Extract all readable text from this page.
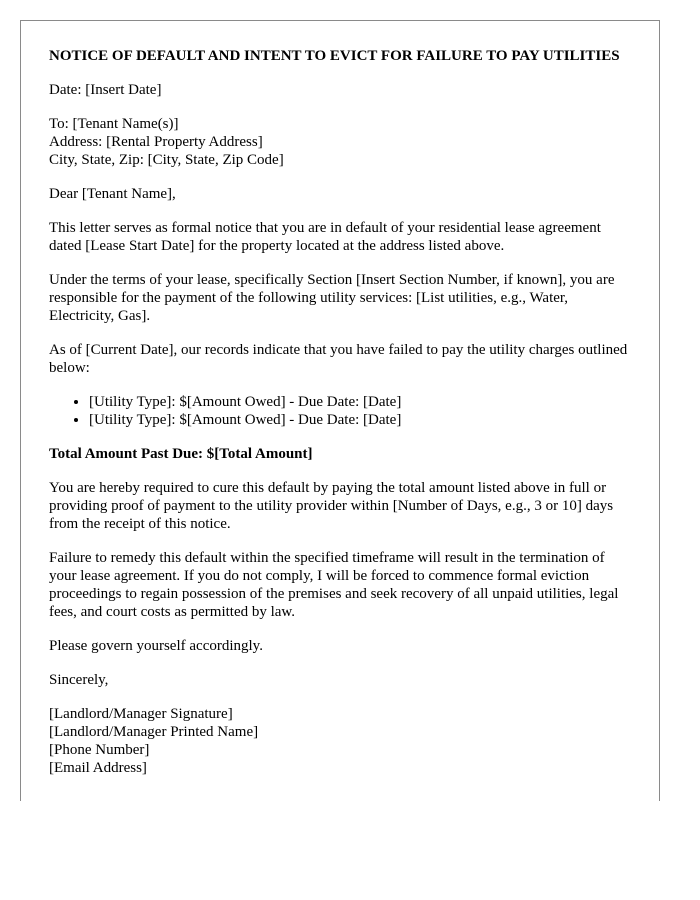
NOTICE OF DEFAULT AND INTENT TO EVICT FOR FAILURE TO PAY UTILITIES

Date: [Insert Date]

To: [Tenant Name(s)]
Address: [Rental Property Address]
City, State, Zip: [City, State, Zip Code]

Dear [Tenant Name],

This letter serves as formal notice that you are in default of your residential lease agreement dated [Lease Start Date] for the property located at the address listed above.

Under the terms of your lease, specifically Section [Insert Section Number, if known], you are responsible for the payment of the following utility services: [List utilities, e.g., Water, Electricity, Gas].

As of [Current Date], our records indicate that you have failed to pay the utility charges outlined below:

• [Utility Type]: $[Amount Owed] - Due Date: [Date]
• [Utility Type]: $[Amount Owed] - Due Date: [Date]

Total Amount Past Due: $[Total Amount]

You are hereby required to cure this default by paying the total amount listed above in full or providing proof of payment to the utility provider within [Number of Days, e.g., 3 or 10] days from the receipt of this notice.

Failure to remedy this default within the specified timeframe will result in the termination of your lease agreement. If you do not comply, I will be forced to commence formal eviction proceedings to regain possession of the premises and seek recovery of all unpaid utilities, legal fees, and court costs as permitted by law.

Please govern yourself accordingly.

Sincerely,

[Landlord/Manager Signature]
[Landlord/Manager Printed Name]
[Phone Number]
[Email Address]
